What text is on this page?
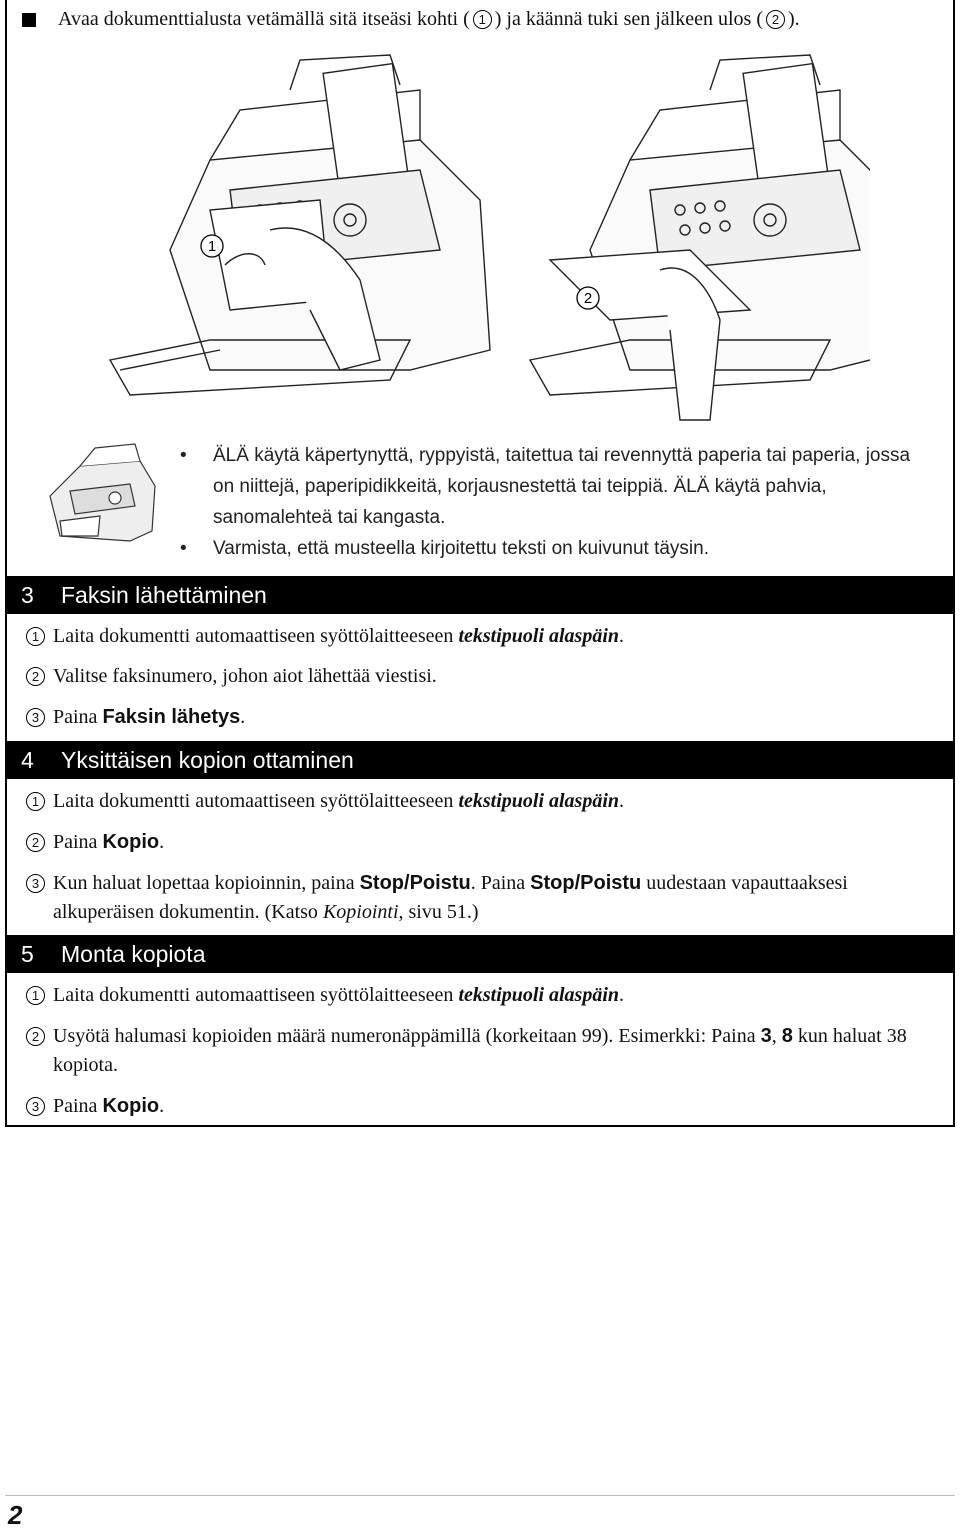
Avaa dokumenttialusta vetämällä sitä itseäsi kohti ( 1 ) ja käännä tuki sen jälkeen ulos ( 2 ).
1
2
•	ÄLÄ käytä käpertynyttä, ryppyistä, taitettua tai revennyttä paperia tai paperia, jossa on niittejä, paperipidikkeitä, korjausnestettä tai teippiä. ÄLÄ käytä pahvia, sanomalehteä tai kangasta.
•	Varmista, että musteella kirjoitettu teksti on kuivunut täysin.
3	Faksin lähettäminen
1 Laita dokumentti automaattiseen syöttölaitteeseen tekstipuoli alaspäin.
2 Valitse faksinumero, johon aiot lähettää viestisi.
3 Paina Faksin lähetys.
4	Yksittäisen kopion ottaminen
1 Laita dokumentti automaattiseen syöttölaitteeseen tekstipuoli alaspäin.
2 Paina Kopio.
3 Kun haluat lopettaa kopioinnin, paina Stop/Poistu. Paina Stop/Poistu uudestaan vapauttaaksesi alkuperäisen dokumentin. (Katso Kopiointi, sivu 51.)
5	Monta kopiota
1 Laita dokumentti automaattiseen syöttölaitteeseen tekstipuoli alaspäin.
2 Usyötä halumasi kopioiden määrä numeronäppämillä (korkeitaan 99). Esimerkki: Paina 3, 8 kun haluat 38 kopiota.
3 Paina Kopio.
2
